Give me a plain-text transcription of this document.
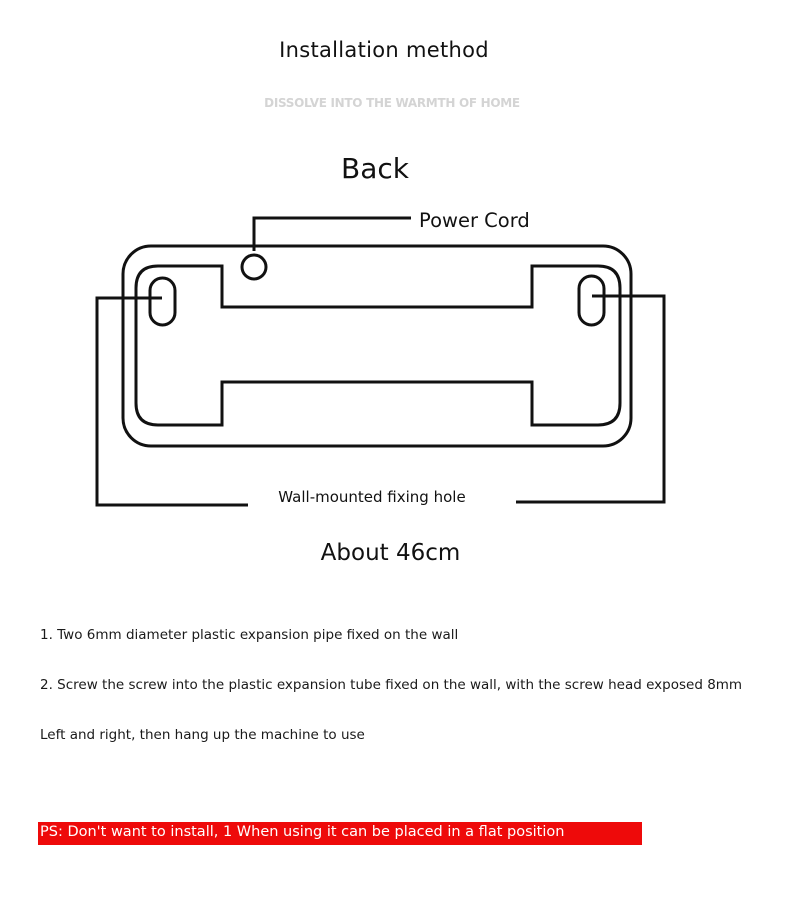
Installation method
DISSOLVE INTO THE WARMTH OF HOME
Back
Power Cord
Wall-mounted fixing hole
About 46cm
1. Two 6mm diameter plastic expansion pipe fixed on the wall
2. Screw the screw into the plastic expansion tube fixed on the wall, with the screw head exposed 8mm
Left and right, then hang up the machine to use
PS: Don't want to install, 1 When using it can be placed in a flat position
